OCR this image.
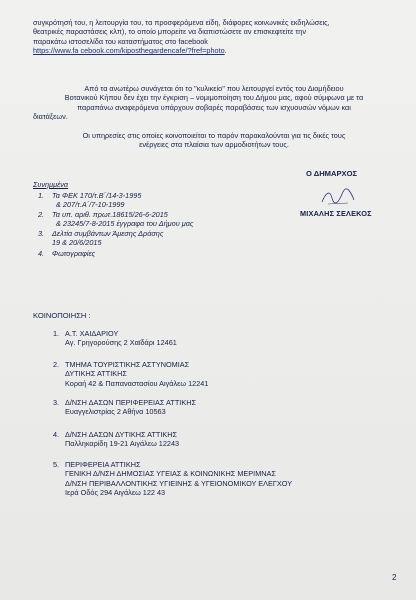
συγκρότησή του, η λειτουργία του, τα προσφερόμενα είδη, διάφορες κοινωνικές εκδηλώσεις,
θεατρικές παραστάσεις κλπ), το οποίο μπορείτε να διαπιστώσετε αν επισκεφτείτε την
παρακάτω ιστοσελίδα του καταστήματος στο facebook
https://www.fa cebook.com/kiposthegardencafe/?fref=photo.
Από τα ανωτέρω συνάγεται ότι το "κυλικείο" που λειτουργεί εντός του Διομήδειου
Βοτανικού Κήπου δεν έχει την έγκριση – νομιμοποίηση του Δήμου μας, αφού σύμφωνα με τα
παραπάνω αναφερόμενα υπάρχουν σοβαρές παραβάσεις των ισχυουσών νόμων και
διατάξεων.
Οι υπηρεσίες στις οποίες κοινοποιείται το παρόν παρακαλούνται για τις δικές τους
ενέργειες στα πλαίσια των αρμοδιοτήτων τους.
Ο ΔΗΜΑΡΧΟΣ
ΜΙΧΑΛΗΣ ΣΕΛΕΚΟΣ
Συνημμένα
1.	Τα ΦΕΚ 170/τ.Β΄/14-3-1995
& 207/τ.Α΄/7-10-1999
2.	Τα υπ. αριθ. πρωτ.18615/26-6-2015
& 23245/7-8-2015 έγγραφα του Δήμου μας
3.	Δελτία συμβάντων Άμεσης Δράσης
19 & 20/6/2015
4.	Φωτογραφίες
ΚΟΙΝΟΠΟΙΗΣΗ :
1. Α.Τ. ΧΑΙΔΑΡΙΟΥ
Αγ. Γρηγορούσης 2 Χαϊδάρι 12461
2. ΤΜΗΜΑ ΤΟΥΡΙΣΤΙΚΗΣ ΑΣΤΥΝΟΜΙΑΣ
ΔΥΤΙΚΗΣ ΑΤΤΙΚΗΣ
Κοραή 42 & Παπαναστασίου Αιγάλεω 12241
3. Δ/ΝΣΗ ΔΑΣΩΝ ΠΕΡΙΦΕΡΕΙΑΣ ΑΤΤΙΚΗΣ
Ευαγγελιστρίας 2 Αθήνα 10563
4. Δ/ΝΣΗ ΔΑΣΩΝ ΔΥΤΙΚΗΣ ΑΤΤΙΚΗΣ
Παλληκαρίδη 19-21 Αιγάλεω 12243
5. ΠΕΡΙΦΕΡΕΙΑ ΑΤΤΙΚΗΣ
ΓΕΝΙΚΗ Δ/ΝΣΗ ΔΗΜΟΣΙΑΣ ΥΓΕΙΑΣ & ΚΟΙΝΩΝΙΚΗΣ ΜΕΡΙΜΝΑΣ
Δ/ΝΣΗ ΠΕΡΙΒΑΛΛΟΝΤΙΚΗΣ ΥΓΙΕΙΝΗΣ & ΥΓΕΙΟΝΟΜΙΚΟΥ ΕΛΕΓΧΟΥ
Ιερά Οδός 294 Αιγάλεω 122 43
2
